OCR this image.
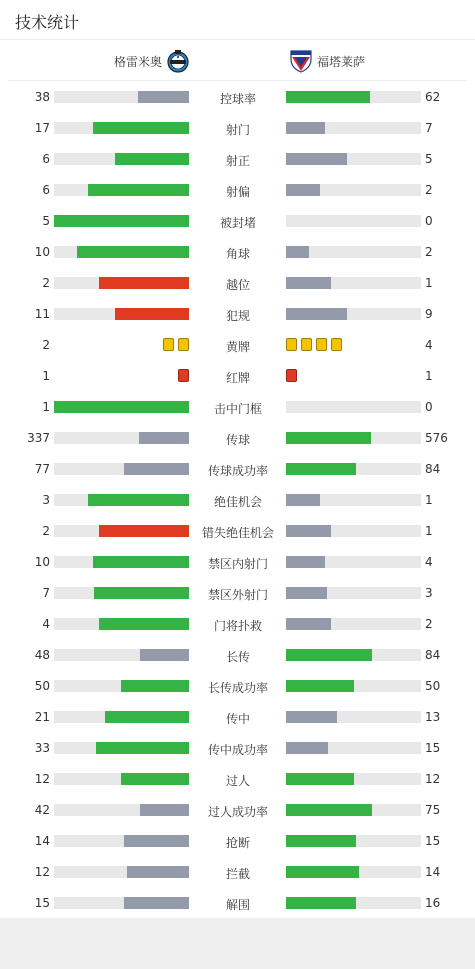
技术统计
格雷米奥	福塔莱萨
38	控球率	62
17	射门	7
6	射正	5
6	射偏	2
5	被封堵	0
10	角球	2
2	越位	1
11	犯规	9
2	黄牌	4
1	红牌	1
1	击中门框	0
337	传球	576
77	传球成功率	84
3	绝佳机会	1
2	错失绝佳机会	1
10	禁区内射门	4
7	禁区外射门	3
4	门将扑救	2
48	长传	84
50	长传成功率	50
21	传中	13
33	传中成功率	15
12	过人	12
42	过人成功率	75
14	抢断	15
12	拦截	14
15	解围	16
